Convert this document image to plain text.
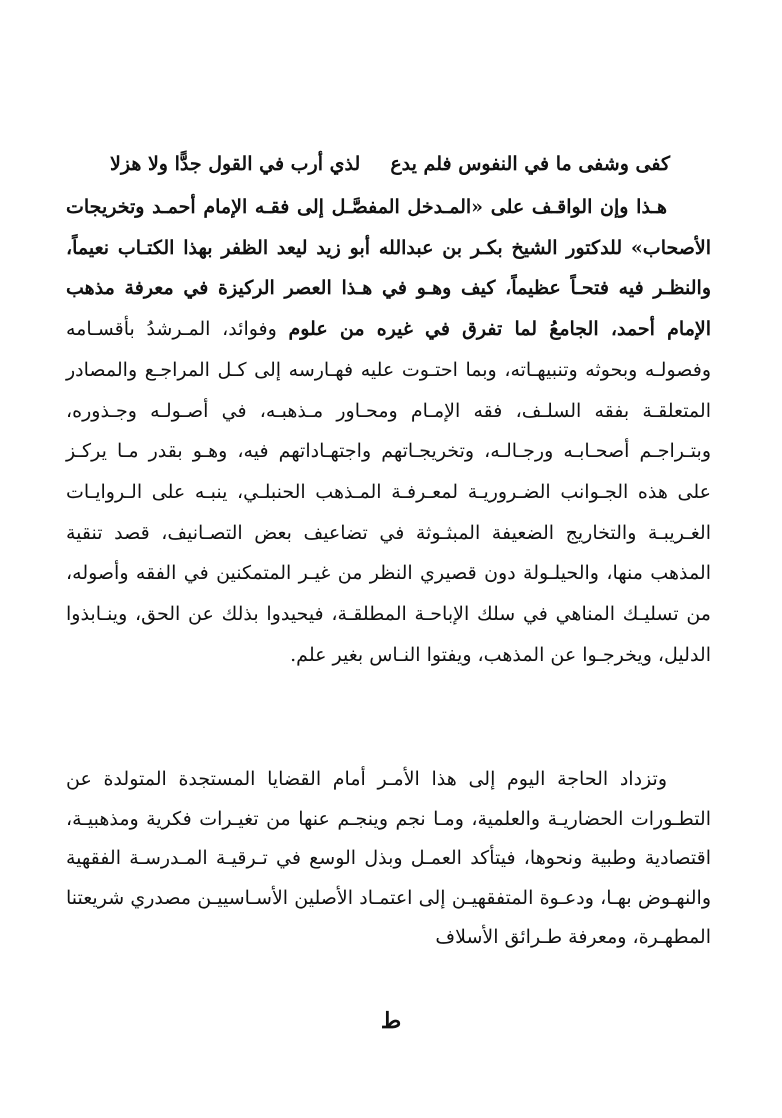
كفى وشفى ما في النفوس فلم يدع
لذي أرب في القول جدًّا ولا هزلا
هـذا وإن الواقـف على «المـدخل المفصَّـل إلى فقـه الإمام أحمـد وتخريجات الأصحاب» للدكتور الشيخ بكـر بن عبدالله أبو زيد ليعد الظفر بهذا الكتـاب نعيماً، والنظـر فيه فتحـاً عظيماً، كيف وهـو في هـذا العصر الركيزة في معرفة مذهب الإمام أحمد، الجامعُ لما تفرق في غيره من علوم وفوائد، المـرشدُ بأقسـامه وفصولـه وبحوثه وتنبيهـاته، وبما احتـوت عليه فهـارسه إلى كـل المراجـع والمصادر المتعلقـة بفقه السلـف، فقه الإمـام ومحـاور مـذهبـه، في أصـولـه وجـذوره، وبتـراجـم أصحـابـه ورجـالـه، وتخريجـاتهم واجتهـاداتهم فيه، وهـو بقدر مـا يركـز على هذه الجـوانب الضـروريـة لمعـرفـة المـذهب الحنبلـي، ينبـه على الـروايـات الغـريبـة والتخاريج الضعيفة المبثـوثة في تضاعيف بعض التصـانيف، قصد تنقية المذهب منها، والحيلـولة دون قصيري النظر من غيـر المتمكنين في الفقه وأصوله، من تسليـك المناهي في سلك الإباحـة المطلقـة، فيحيدوا بذلك عن الحق، وينـابذوا الدليل، ويخرجـوا عن المذهب، ويفتوا النـاس بغير علم.
وتزداد الحاجة اليوم إلى هذا الأمـر أمام القضايا المستجدة المتولدة عن التطـورات الحضاريـة والعلمية، ومـا نجم وينجـم عنها من تغيـرات فكرية ومذهبيـة، اقتصادية وطبية ونحوها، فيتأكد العمـل وبذل الوسع في تـرقيـة المـدرسـة الفقهية والنهـوض بهـا، ودعـوة المتفقهيـن إلى اعتمـاد الأصلين الأسـاسييـن مصدري شريعتنا المطهـرة، ومعرفة طـرائق الأسلاف
ط
